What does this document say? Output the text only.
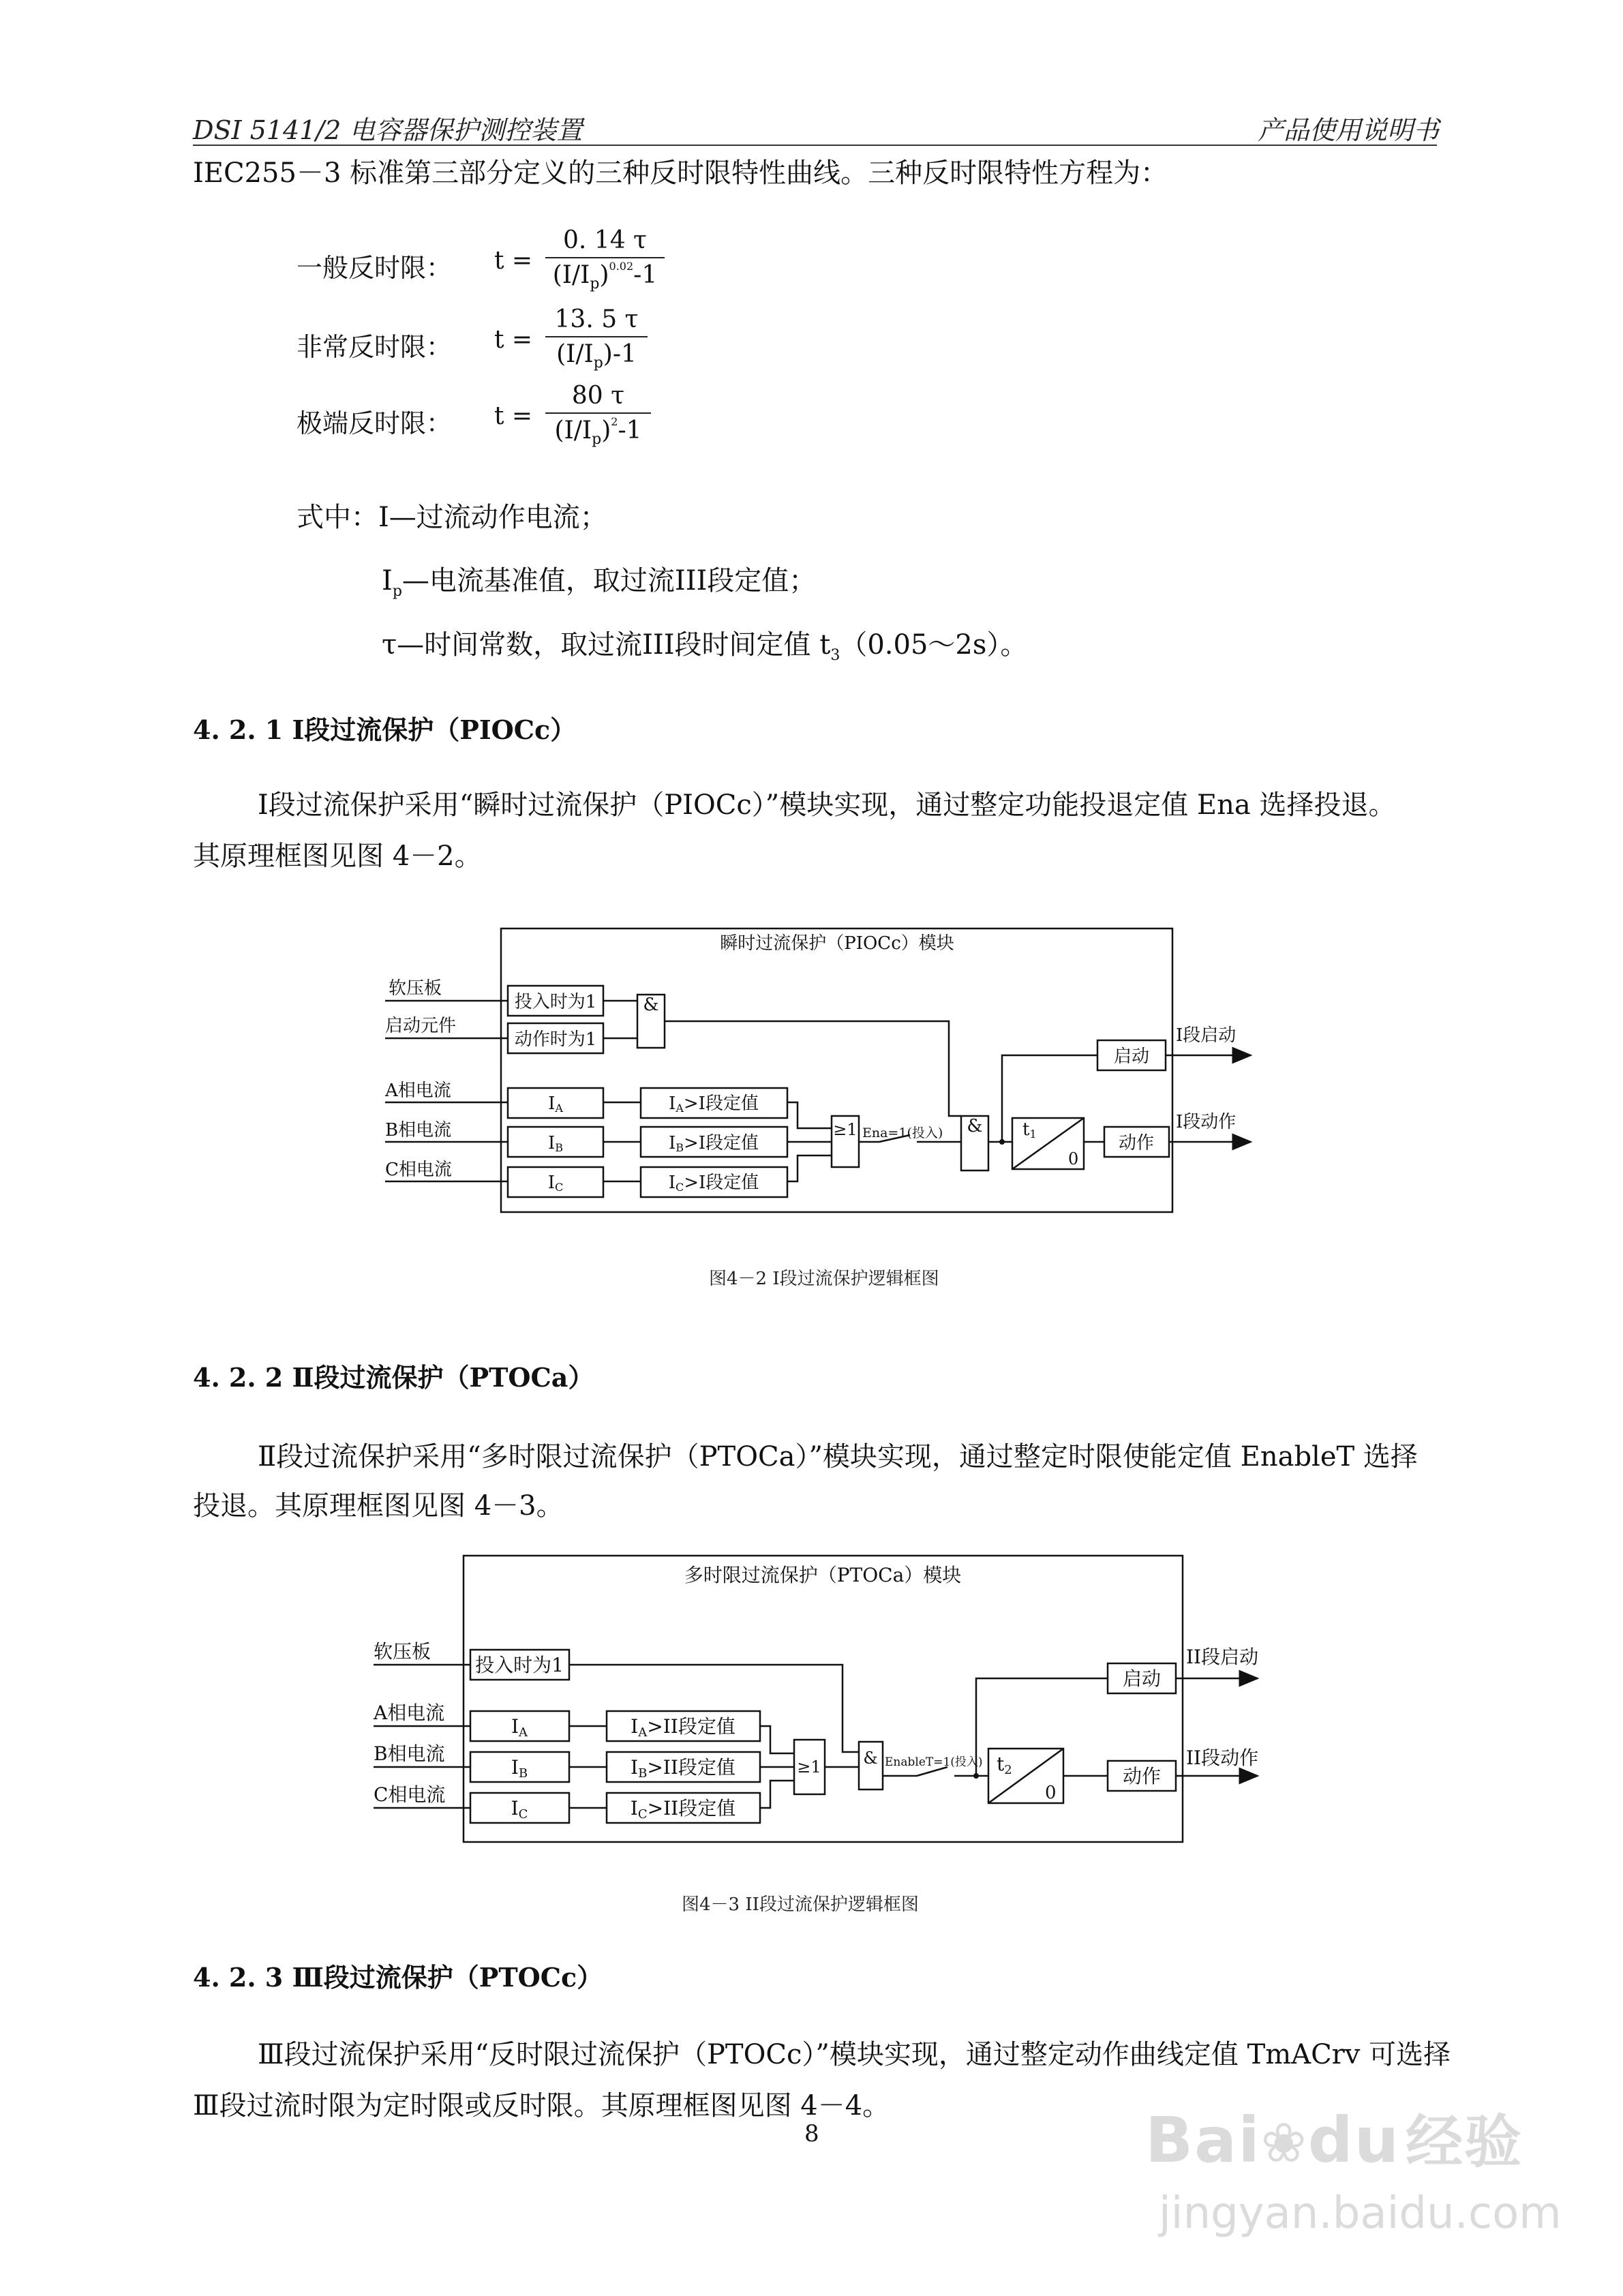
DSI 5141/2 电容器保护测控装置	产品使用说明书
IEC255－3 标准第三部分定义的三种反时限特性曲线。三种反时限特性方程为：
一般反时限： $t = \frac{0. 14 \tau}{(I/I_p)^{0.02}-1}$
非常反时限： $t = \frac{13. 5 \tau}{(I/I_p)-1}$
极端反时限： $t = \frac{80 \tau}{(I/I_p)^2-1}$
式中：I—过流动作电流；
$I_p—$电流基准值，取过流III段定值；
τ—时间常数，取过流III段时间定值 $t_3(0.05\sim 2s)$。
4. 2. 1 Ⅰ段过流保护（PIOCc）
Ⅰ段过流保护采用“瞬时过流保护（PIOCc）”模块实现，通过整定功能投退定值 Ena 选择投退。
其原理框图见图 4－2。
软压板
启动元件
A相电流
B相电流
C相电流
瞬时过流保护（PIOCc）模块
投入时为1
动作时为1
&
IA
IB
IC
IA>I段定值
IB>I段定值
IC>I段定值
≥1	& t1
0
动作
启动
I段启动
I段动作
Ena=1(投入)
图4－2 I段过流保护逻辑框图
4. 2. 2 Ⅱ段过流保护（PTOCa）
Ⅱ段过流保护采用“多时限过流保护（PTOCa）”模块实现，通过整定时限使能定值 EnableT 选择
投退。其原理框图见图 4－3。
软压板
A相电流
B相电流
C相电流
多时限过流保护（PTOCa）模块
投入时为1
IA
IB
IC
IA>II段定值
IB>II段定值
IC>II段定值
≥1	&	t2
0
动作
启动
II段启动
II段动作
EnableT=1(投入)
图4－3 II段过流保护逻辑框图
4. 2. 3 Ⅲ段过流保护（PTOCc）
Ⅲ段过流保护采用“反时限过流保护（PTOCc）”模块实现，通过整定动作曲线定值 TmACrv 可选择
Ⅲ段过流时限为定时限或反时限。其原理框图见图 4－4。
8	Bai❀du经验
jingyan.baidu.com
